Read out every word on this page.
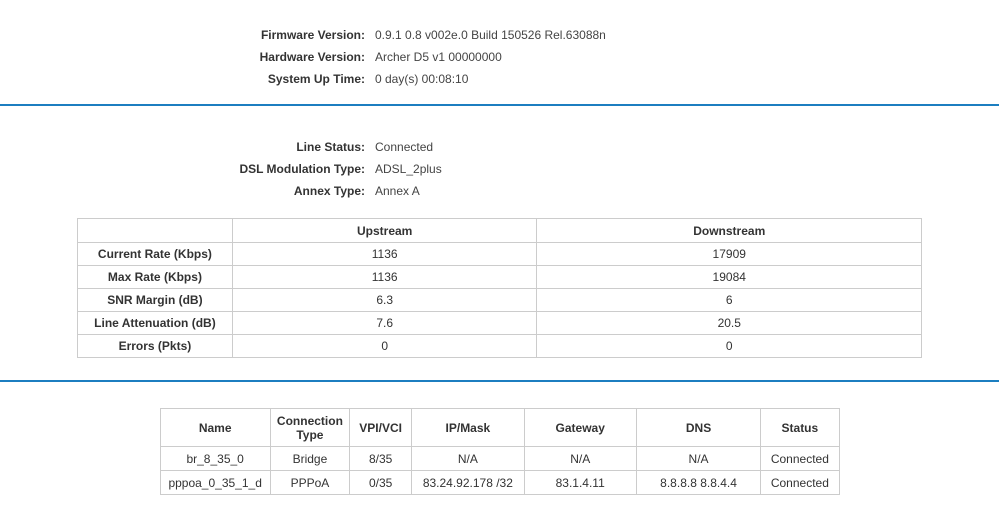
Firmware Version: 0.9.1 0.8 v002e.0 Build 150526 Rel.63088n
Hardware Version: Archer D5 v1 00000000
System Up Time: 0 day(s) 00:08:10
Line Status: Connected
DSL Modulation Type: ADSL_2plus
Annex Type: Annex A
	Upstream	Downstream
Current Rate (Kbps)	1136	17909
Max Rate (Kbps)	1136	19084
SNR Margin (dB)	6.3	6
Line Attenuation (dB)	7.6	20.5
Errors (Pkts)	0	0
Name	Connection Type	VPI/VCI	IP/Mask	Gateway	DNS	Status
br_8_35_0	Bridge	8/35	N/A	N/A	N/A	Connected
pppoa_0_35_1_d	PPPoA	0/35	83.24.92.178 /32	83.1.4.11	8.8.8.8 8.8.4.4	Connected
